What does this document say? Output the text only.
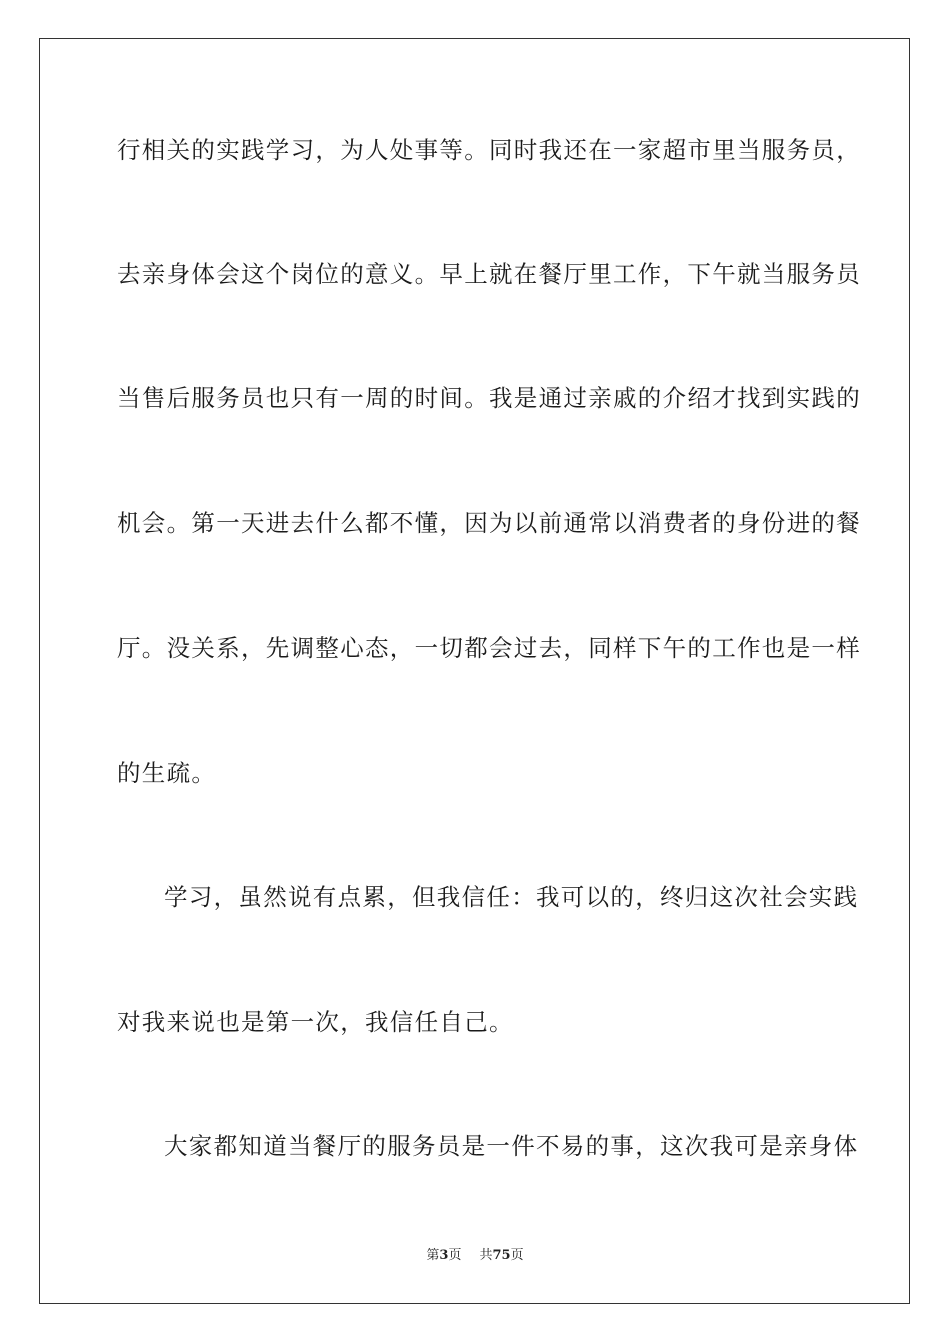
行相关的实践学习，为人处事等。同时我还在一家超市里当服务员，
去亲身体会这个岗位的意义。早上就在餐厅里工作，下午就当服务员
当售后服务员也只有一周的时间。我是通过亲戚的介绍才找到实践的
机会。第一天进去什么都不懂，因为以前通常以消费者的身份进的餐
厅。没关系，先调整心态，一切都会过去，同样下午的工作也是一样
的生疏。
学习，虽然说有点累，但我信任：我可以的，终归这次社会实践
对我来说也是第一次，我信任自己。
大家都知道当餐厅的服务员是一件不易的事，这次我可是亲身体
第3页 共75页
